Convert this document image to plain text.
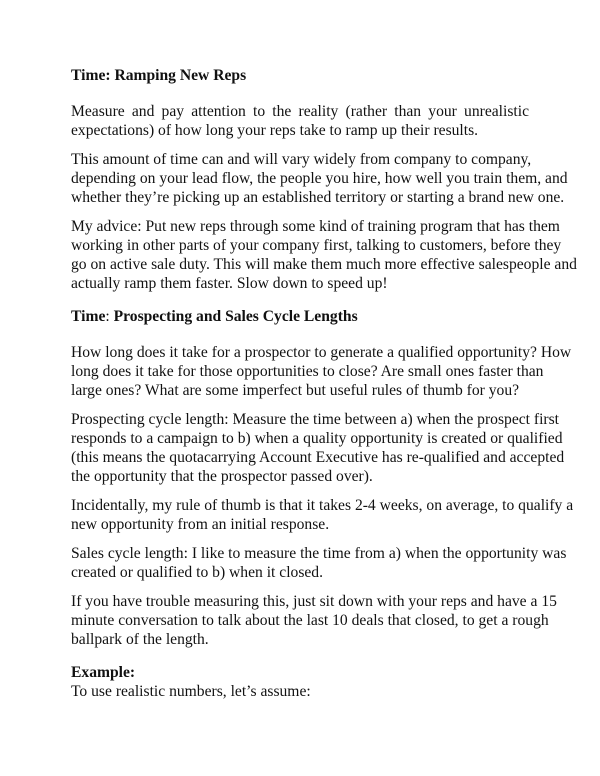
Time: Ramping New Reps
Measure and pay attention to the reality (rather than your unrealistic
expectations) of how long your reps take to ramp up their results.
This amount of time can and will vary widely from company to company,
depending on your lead flow, the people you hire, how well you train them, and
whether they’re picking up an established territory or starting a brand new one.
My advice: Put new reps through some kind of training program that has them
working in other parts of your company first, talking to customers, before they
go on active sale duty. This will make them much more effective salespeople and
actually ramp them faster. Slow down to speed up!
Time: Prospecting and Sales Cycle Lengths
How long does it take for a prospector to generate a qualified opportunity? How
long does it take for those opportunities to close? Are small ones faster than
large ones? What are some imperfect but useful rules of thumb for you?
Prospecting cycle length: Measure the time between a) when the prospect first
responds to a campaign to b) when a quality opportunity is created or qualified
(this means the quotacarrying Account Executive has re-qualified and accepted
the opportunity that the prospector passed over).
Incidentally, my rule of thumb is that it takes 2-4 weeks, on average, to qualify a
new opportunity from an initial response.
Sales cycle length: I like to measure the time from a) when the opportunity was
created or qualified to b) when it closed.
If you have trouble measuring this, just sit down with your reps and have a 15
minute conversation to talk about the last 10 deals that closed, to get a rough
ballpark of the length.
Example:
To use realistic numbers, let’s assume:
